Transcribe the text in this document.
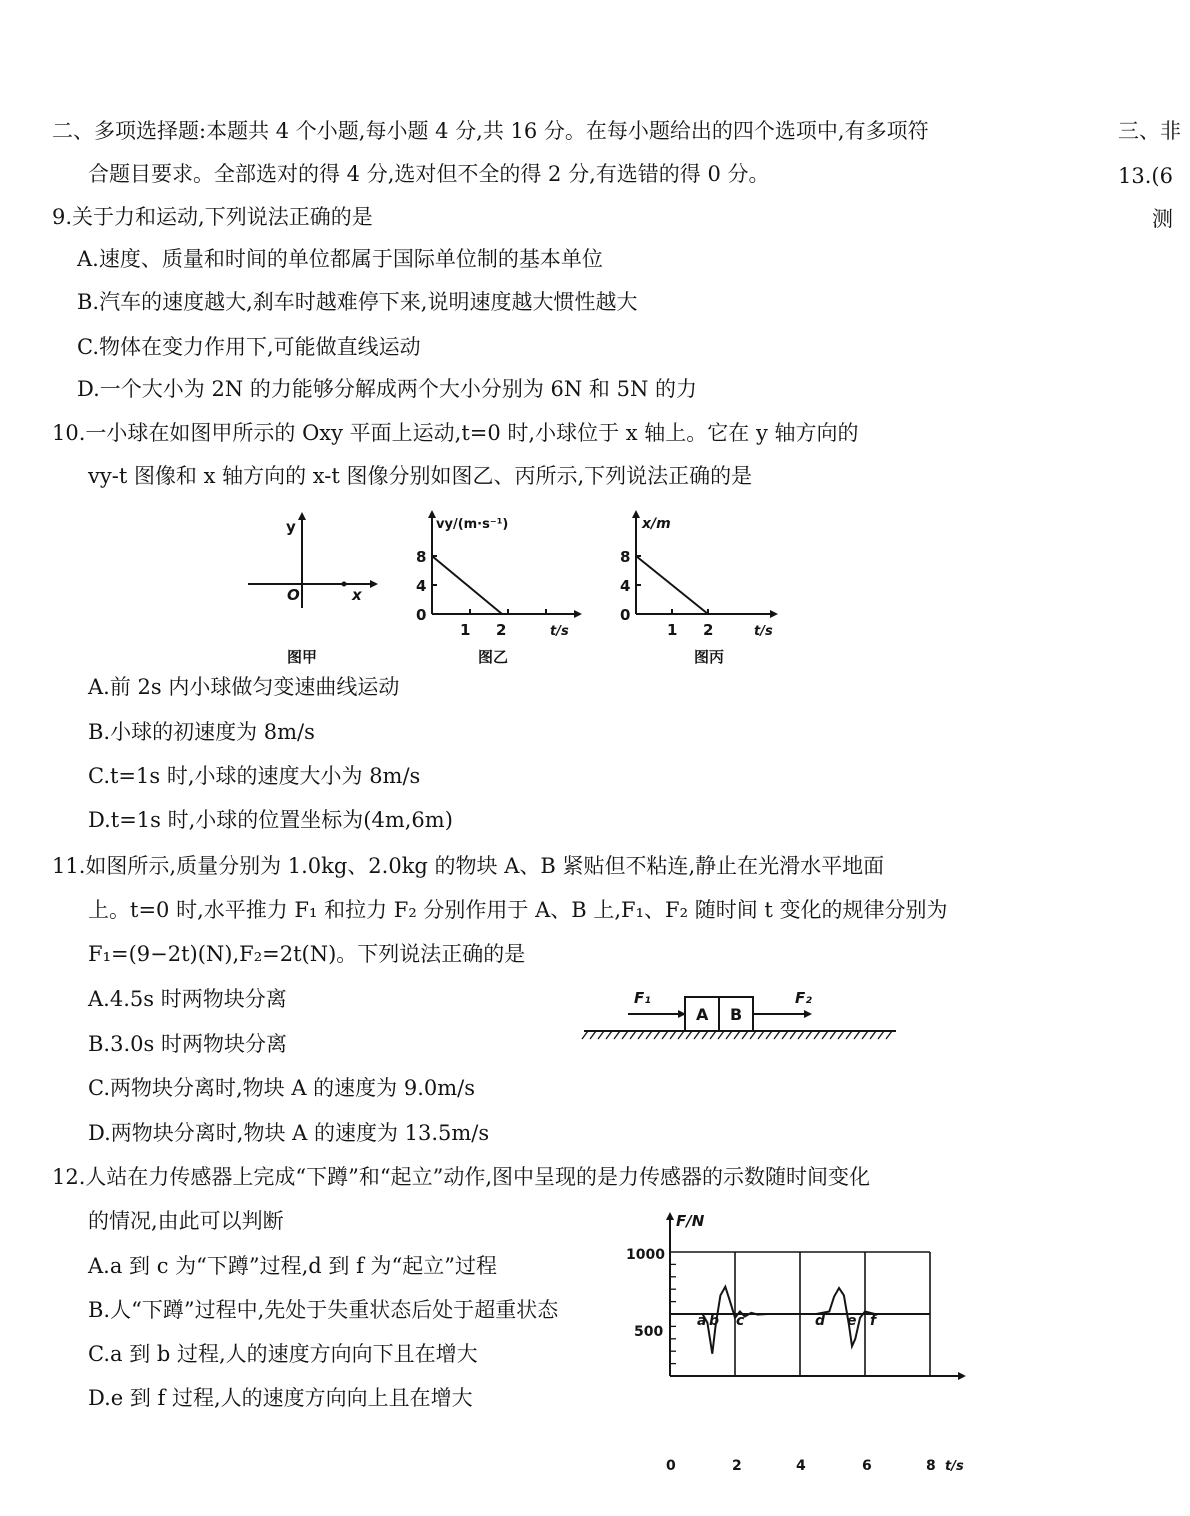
二、多项选择题:本题共 4 个小题,每小题 4 分,共 16 分。在每小题给出的四个选项中,有多项符
合题目要求。全部选对的得 4 分,选对但不全的得 2 分,有选错的得 0 分。
三、非
13.(6
测
9.关于力和运动,下列说法正确的是
A.速度、质量和时间的单位都属于国际单位制的基本单位
B.汽车的速度越大,刹车时越难停下来,说明速度越大惯性越大
C.物体在变力作用下,可能做直线运动
D.一个大小为 2N 的力能够分解成两个大小分别为 6N 和 5N 的力
10.一小球在如图甲所示的 Oxy 平面上运动,t=0 时,小球位于 x 轴上。它在 y 轴方向的
vy-t 图像和 x 轴方向的 x-t 图像分别如图乙、丙所示,下列说法正确的是
y
x
O
图甲
vy/(m·s⁻¹)
8
4
0
1 2	t/s
图乙
x/m
8
4
0
1 2	t/s
图丙
A.前 2s 内小球做匀变速曲线运动
B.小球的初速度为 8m/s
C.t=1s 时,小球的速度大小为 8m/s
D.t=1s 时,小球的位置坐标为(4m,6m)
11.如图所示,质量分别为 1.0kg、2.0kg 的物块 A、B 紧贴但不粘连,静止在光滑水平地面
上。t=0 时,水平推力 F₁ 和拉力 F₂ 分别作用于 A、B 上,F₁、F₂ 随时间 t 变化的规律分别为
F₁=(9−2t)(N),F₂=2t(N)。下列说法正确的是
A.4.5s 时两物块分离
B.3.0s 时两物块分离
C.两物块分离时,物块 A 的速度为 9.0m/s
D.两物块分离时,物块 A 的速度为 13.5m/s
F₁	F₂
A B
12.人站在力传感器上完成“下蹲”和“起立”动作,图中呈现的是力传感器的示数随时间变化
的情况,由此可以判断
A.a 到 c 为“下蹲”过程,d 到 f 为“起立”过程
B.人“下蹲”过程中,先处于失重状态后处于超重状态
C.a 到 b 过程,人的速度方向向下且在增大
D.e 到 f 过程,人的速度方向向上且在增大
F/N
t/s
1000
500
0	2	4	6	8
a b c	d e f
